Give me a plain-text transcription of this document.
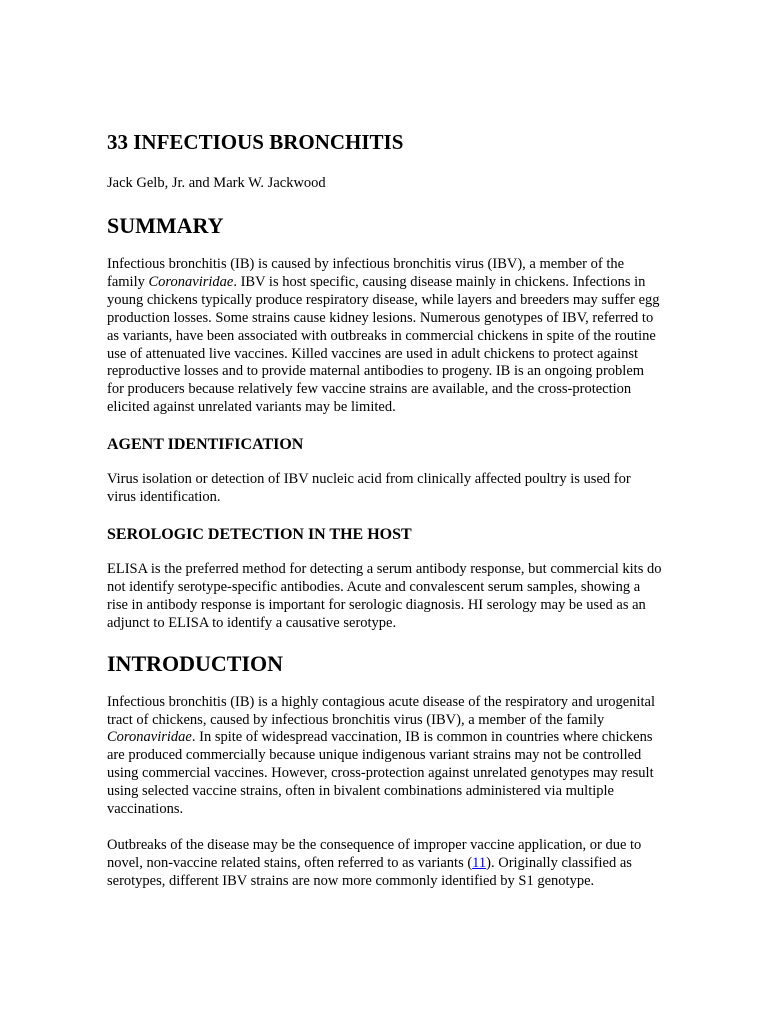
33 INFECTIOUS BRONCHITIS
Jack Gelb, Jr. and Mark W. Jackwood
SUMMARY

Infectious bronchitis (IB) is caused by infectious bronchitis virus (IBV), a member of the family Coronaviridae. IBV is host specific, causing disease mainly in chickens. Infections in young chickens typically produce respiratory disease, while layers and breeders may suffer egg production losses. Some strains cause kidney lesions. Numerous genotypes of IBV, referred to as variants, have been associated with outbreaks in commercial chickens in spite of the routine use of attenuated live vaccines. Killed vaccines are used in adult chickens to protect against reproductive losses and to provide maternal antibodies to progeny. IB is an ongoing problem for producers because relatively few vaccine strains are available, and the cross-protection elicited against unrelated variants may be limited.

AGENT IDENTIFICATION

Virus isolation or detection of IBV nucleic acid from clinically affected poultry is used for virus identification.

SEROLOGIC DETECTION IN THE HOST

ELISA is the preferred method for detecting a serum antibody response, but commercial kits do not identify serotype-specific antibodies. Acute and convalescent serum samples, showing a rise in antibody response is important for serologic diagnosis. HI serology may be used as an adjunct to ELISA to identify a causative serotype.

INTRODUCTION

Infectious bronchitis (IB) is a highly contagious acute disease of the respiratory and urogenital tract of chickens, caused by infectious bronchitis virus (IBV), a member of the family Coronaviridae. In spite of widespread vaccination, IB is common in countries where chickens are produced commercially because unique indigenous variant strains may not be controlled using commercial vaccines. However, cross-protection against unrelated genotypes may result using selected vaccine strains, often in bivalent combinations administered via multiple vaccinations.

Outbreaks of the disease may be the consequence of improper vaccine application, or due to novel, non-vaccine related stains, often referred to as variants (11). Originally classified as serotypes, different IBV strains are now more commonly identified by S1 genotype.
